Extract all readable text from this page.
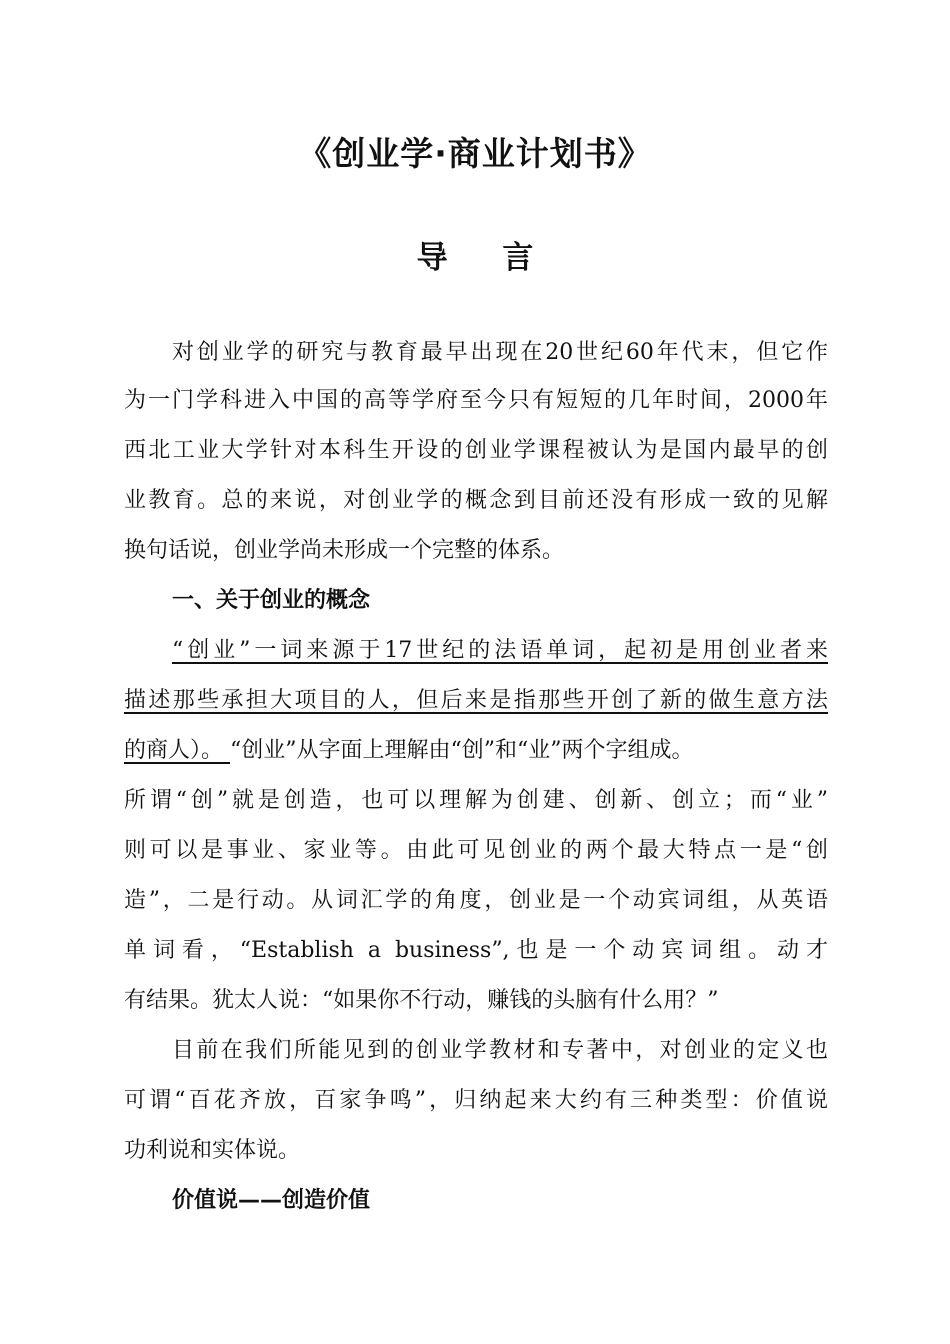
《创业学·商业计划书》
导 言
对创业学的研究与教育最早出现在20世纪60年代末，但它作
为一门学科进入中国的高等学府至今只有短短的几年时间，2000年
西北工业大学针对本科生开设的创业学课程被认为是国内最早的创
业教育。总的来说，对创业学的概念到目前还没有形成一致的见解
换句话说，创业学尚未形成一个完整的体系。
一、关于创业的概念
“创业”一词来源于17世纪的法语单词，起初是用创业者来
描述那些承担大项目的人，但后来是指那些开创了新的做生意方法
的商人）。 “创业”从字面上理解由“创”和“业”两个字组成。
所谓“创”就是创造，也可以理解为创建、创新、创立；而“业”
则可以是事业、家业等。由此可见创业的两个最大特点一是“创
造”，二是行动。从词汇学的角度，创业是一个动宾词组，从英语
单词看，“Establish a business”,也是一个动宾词组。动才
有结果。犹太人说：“如果你不行动，赚钱的头脑有什么用？”
目前在我们所能见到的创业学教材和专著中，对创业的定义也
可谓“百花齐放，百家争鸣”，归纳起来大约有三种类型：价值说
功利说和实体说。
价值说——创造价值
